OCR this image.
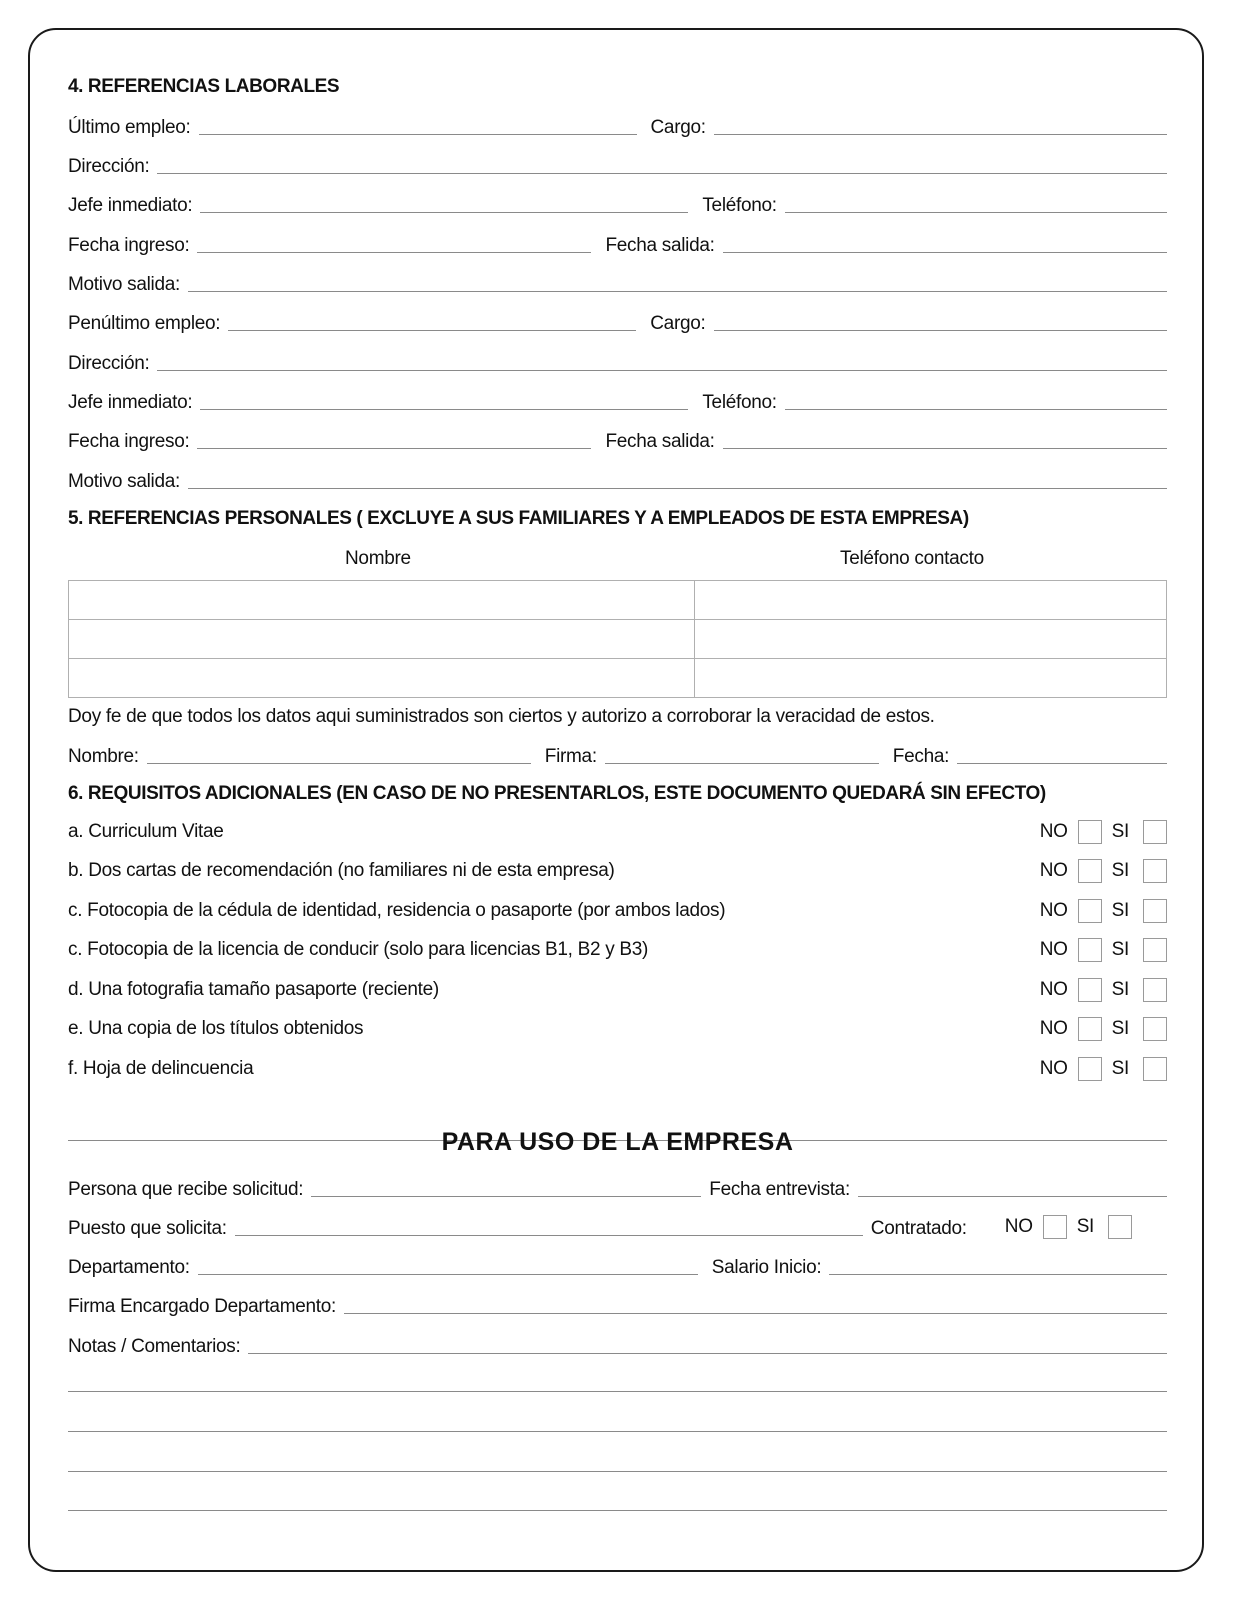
4. REFERENCIAS LABORALES
Último empleo:	Cargo:
Dirección:
Jefe inmediato:	Teléfono:
Fecha ingreso:	Fecha salida:
Motivo salida:
Penúltimo empleo:	Cargo:
Dirección:
Jefe inmediato:	Teléfono:
Fecha ingreso:	Fecha salida:
Motivo salida:
5. REFERENCIAS PERSONALES ( EXCLUYE A SUS FAMILIARES Y A EMPLEADOS DE ESTA EMPRESA)
Nombre	Teléfono contacto

Doy fe de que todos los datos aqui suministrados son ciertos y autorizo a corroborar la veracidad de estos.
Nombre:	Firma:	Fecha:
6. REQUISITOS ADICIONALES (EN CASO DE NO PRESENTARLOS, ESTE DOCUMENTO QUEDARÁ SIN EFECTO)
a. Curriculum Vitae	NO SI
b. Dos cartas de recomendación (no familiares ni de esta empresa)	NO SI
c. Fotocopia de la cédula de identidad, residencia o pasaporte (por ambos lados)	NO SI
c. Fotocopia de la licencia de conducir (solo para licencias B1, B2 y B3)	NO SI
d. Una fotografia tamaño pasaporte (reciente)	NO SI
e. Una copia de los títulos obtenidos	NO SI
f. Hoja de delincuencia	NO SI
PARA USO DE LA EMPRESA
Persona que recibe solicitud:	Fecha entrevista:
Puesto que solicita:	Contratado:	NO SI
Departamento:	Salario Inicio:
Firma Encargado Departamento:
Notas / Comentarios:
